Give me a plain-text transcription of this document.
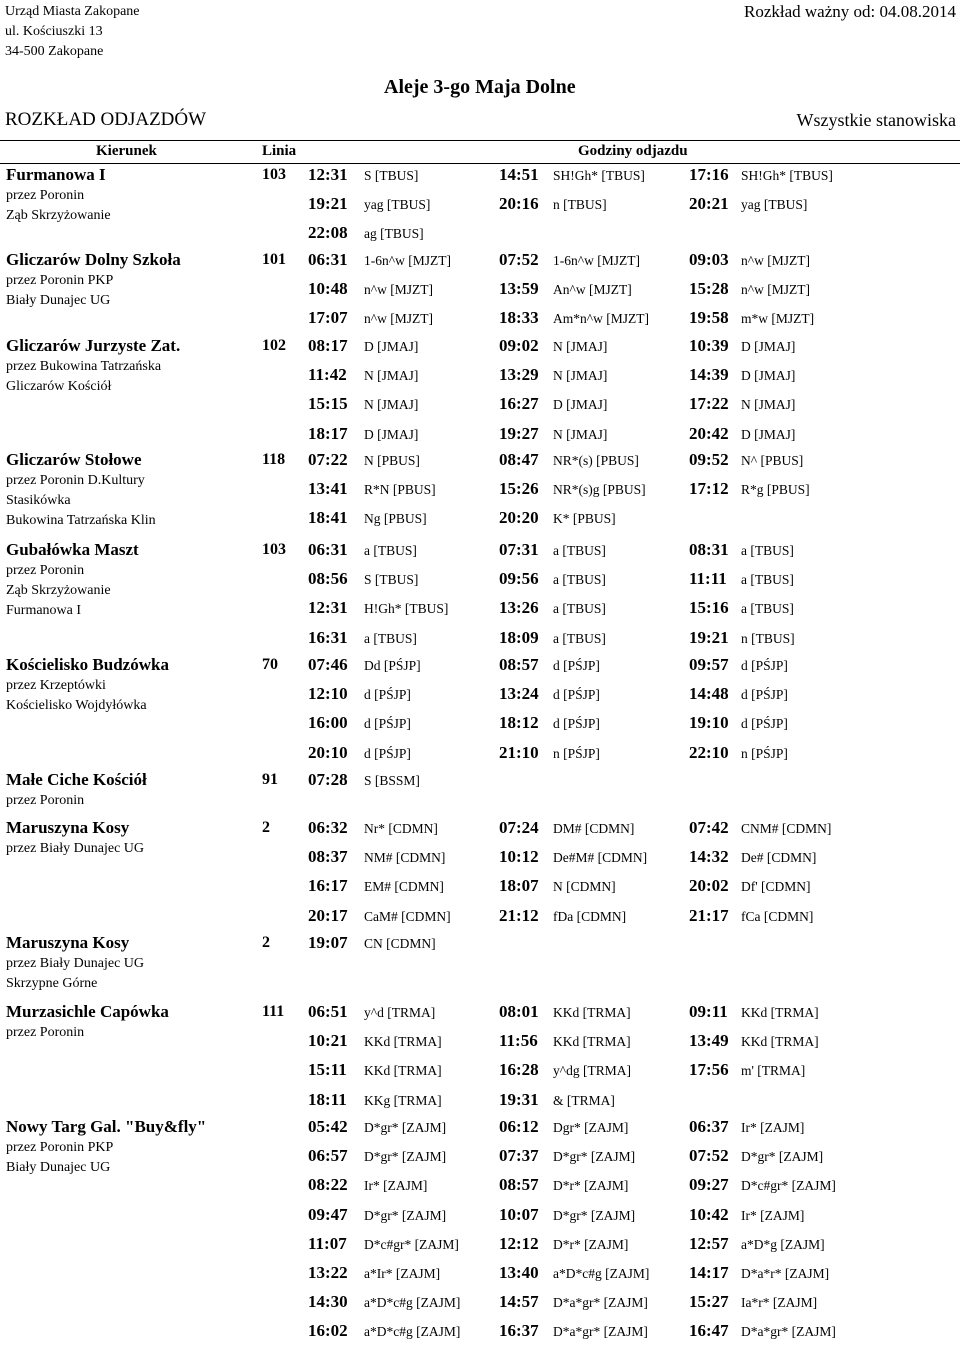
Urząd Miasta Zakopane
ul. Kościuszki 13
34-500 Zakopane
Rozkład ważny od: 04.08.2014
Aleje 3-go Maja Dolne
ROZKŁAD ODJAZDÓW	Wszystkie stanowiska
Kierunek	Linia	Godziny odjazdu
Furmanowa I
przez Poronin
Ząb Skrzyżowanie
103 12:31 S [TBUS]	14:51 SH!Gh* [TBUS]	17:16 SH!Gh* [TBUS]
19:21 yag [TBUS]	20:16 n [TBUS]	20:21 yag [TBUS]
22:08 ag [TBUS]
Gliczarów Dolny Szkoła
przez Poronin PKP
Biały Dunajec UG
101 06:31 1-6n^w [MJZT]	07:52 1-6n^w [MJZT]	09:03 n^w [MJZT]
10:48 n^w [MJZT]	13:59 An^w [MJZT]	15:28 n^w [MJZT]
17:07 n^w [MJZT]	18:33 Am*n^w [MJZT] 19:58 m*w [MJZT]
Gliczarów Jurzyste Zat.
przez Bukowina Tatrzańska
Gliczarów Kościół
102 08:17 D [JMAJ]	09:02 N [JMAJ]	10:39 D [JMAJ]
11:42 N [JMAJ]	13:29 N [JMAJ]	14:39 D [JMAJ]
15:15 N [JMAJ]	16:27 D [JMAJ]	17:22 N [JMAJ]
18:17 D [JMAJ]	19:27 N [JMAJ]	20:42 D [JMAJ]
Gliczarów Stołowe
przez Poronin D.Kultury
Stasikówka
Bukowina Tatrzańska Klin
118 07:22 N [PBUS]	08:47 NR*(s) [PBUS]	09:52 N^ [PBUS]
13:41 R*N [PBUS]	15:26 NR*(s)g [PBUS]	17:12 R*g [PBUS]
18:41 Ng [PBUS]	20:20 K* [PBUS]
Gubałówka Maszt
przez Poronin
Ząb Skrzyżowanie
Furmanowa I
103 06:31 a [TBUS]	07:31 a [TBUS]	08:31 a [TBUS]
08:56 S [TBUS]	09:56 a [TBUS]	11:11 a [TBUS]
12:31 H!Gh* [TBUS]	13:26 a [TBUS]	15:16 a [TBUS]
16:31 a [TBUS]	18:09 a [TBUS]	19:21 n [TBUS]
Kościelisko Budzówka
przez Krzeptówki
Kościelisko Wojdyłówka
70 07:46 Dd [PŚJP]	08:57 d [PŚJP]	09:57 d [PŚJP]
12:10 d [PŚJP]	13:24 d [PŚJP]	14:48 d [PŚJP]
16:00 d [PŚJP]	18:12 d [PŚJP]	19:10 d [PŚJP]
20:10 d [PŚJP]	21:10 n [PŚJP]	22:10 n [PŚJP]
Małe Ciche Kościół
przez Poronin
91 07:28 S [BSSM]
Maruszyna Kosy
przez Biały Dunajec UG
2 06:32 Nr* [CDMN]	07:24 DM# [CDMN]	07:42 CNM# [CDMN]
08:37 NM# [CDMN]	10:12 De#M# [CDMN] 14:32 De# [CDMN]
16:17 EM# [CDMN]	18:07 N [CDMN]	20:02 Df' [CDMN]
20:17 CaM# [CDMN]	21:12 fDa [CDMN]	21:17 fCa [CDMN]
Maruszyna Kosy
przez Biały Dunajec UG
Skrzypne Górne
2 19:07 CN [CDMN]
Murzasichle Capówka
przez Poronin
111 06:51 y^d [TRMA]	08:01 KKd [TRMA]	09:11 KKd [TRMA]
10:21 KKd [TRMA]	11:56 KKd [TRMA]	13:49 KKd [TRMA]
15:11 KKd [TRMA]	16:28 y^dg [TRMA]	17:56 m' [TRMA]
18:11 KKg [TRMA]	19:31 & [TRMA]
Nowy Targ Gal. "Buy&fly"
przez Poronin PKP
Biały Dunajec UG
05:42 D*gr* [ZAJM]	06:12 Dgr* [ZAJM]	06:37 Ir* [ZAJM]
06:57 D*gr* [ZAJM]	07:37 D*gr* [ZAJM]	07:52 D*gr* [ZAJM]
08:22 Ir* [ZAJM]	08:57 D*r* [ZAJM]	09:27 D*c#gr* [ZAJM]
09:47 D*gr* [ZAJM]	10:07 D*gr* [ZAJM]	10:42 Ir* [ZAJM]
11:07 D*c#gr* [ZAJM] 12:12 D*r* [ZAJM]	12:57 a*D*g [ZAJM]
13:22 a*Ir* [ZAJM]	13:40 a*D*c#g [ZAJM] 14:17 D*a*r* [ZAJM]
14:30 a*D*c#g [ZAJM] 14:57 D*a*gr* [ZAJM] 15:27 Ia*r* [ZAJM]
16:02 a*D*c#g [ZAJM] 16:37 D*a*gr* [ZAJM] 16:47 D*a*gr* [ZAJM]
